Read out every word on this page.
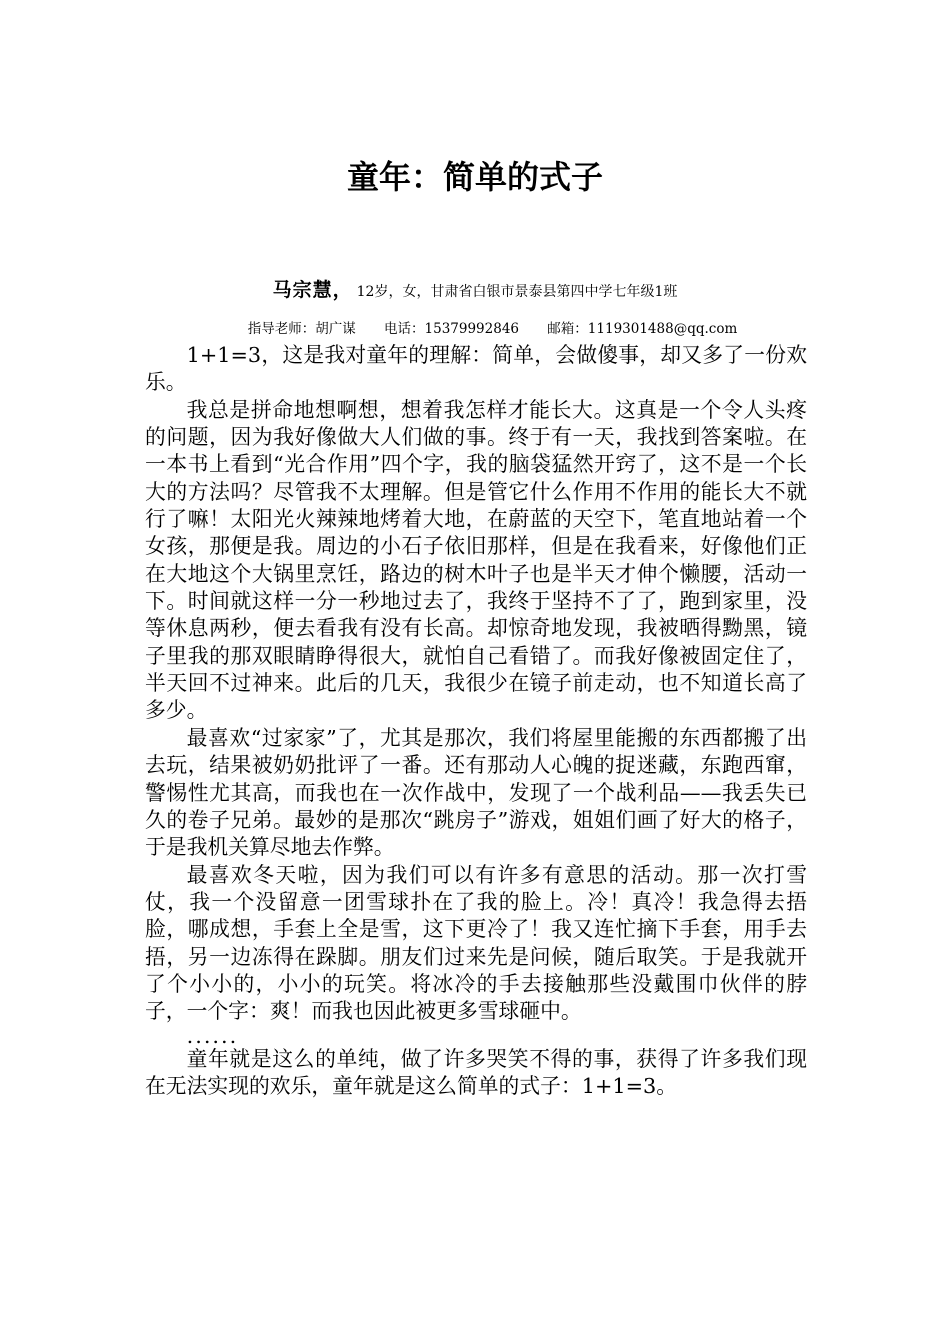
童年：简单的式子
马宗慧， 12岁，女，甘肃省白银市景泰县第四中学七年级1班
指导老师：胡广谋 电话：15379992846 邮箱：1119301488@qq.com

1+1=3，这是我对童年的理解：简单，会做傻事，却又多了一份欢乐。

我总是拼命地想啊想，想着我怎样才能长大。这真是一个令人头疼的问题，因为我好像做大人们做的事。终于有一天，我找到答案啦。在一本书上看到“光合作用”四个字，我的脑袋猛然开窍了，这不是一个长大的方法吗？尽管我不太理解。但是管它什么作用不作用的能长大不就行了嘛！太阳光火辣辣地烤着大地，在蔚蓝的天空下，笔直地站着一个女孩，那便是我。周边的小石子依旧那样，但是在我看来，好像他们正在大地这个大锅里烹饪，路边的树木叶子也是半天才伸个懒腰，活动一下。时间就这样一分一秒地过去了，我终于坚持不了了，跑到家里，没等休息两秒，便去看我有没有长高。却惊奇地发现，我被晒得黝黑，镜子里我的那双眼睛睁得很大，就怕自己看错了。而我好像被固定住了，半天回不过神来。此后的几天，我很少在镜子前走动，也不知道长高了多少。

最喜欢“过家家”了，尤其是那次，我们将屋里能搬的东西都搬了出去玩，结果被奶奶批评了一番。还有那动人心魄的捉迷藏，东跑西窜，警惕性尤其高，而我也在一次作战中，发现了一个战利品——我丢失已久的卷子兄弟。最妙的是那次“跳房子”游戏，姐姐们画了好大的格子，于是我机关算尽地去作弊。

最喜欢冬天啦，因为我们可以有许多有意思的活动。那一次打雪仗，我一个没留意一团雪球扑在了我的脸上。冷！真冷！我急得去捂脸，哪成想，手套上全是雪，这下更冷了！我又连忙摘下手套，用手去捂，另一边冻得在跺脚。朋友们过来先是问候，随后取笑。于是我就开了个小小的，小小的玩笑。将冰冷的手去接触那些没戴围巾伙伴的脖子，一个字：爽！而我也因此被更多雪球砸中。

......

童年就是这么的单纯，做了许多哭笑不得的事，获得了许多我们现在无法实现的欢乐，童年就是这么简单的式子：1+1=3。
